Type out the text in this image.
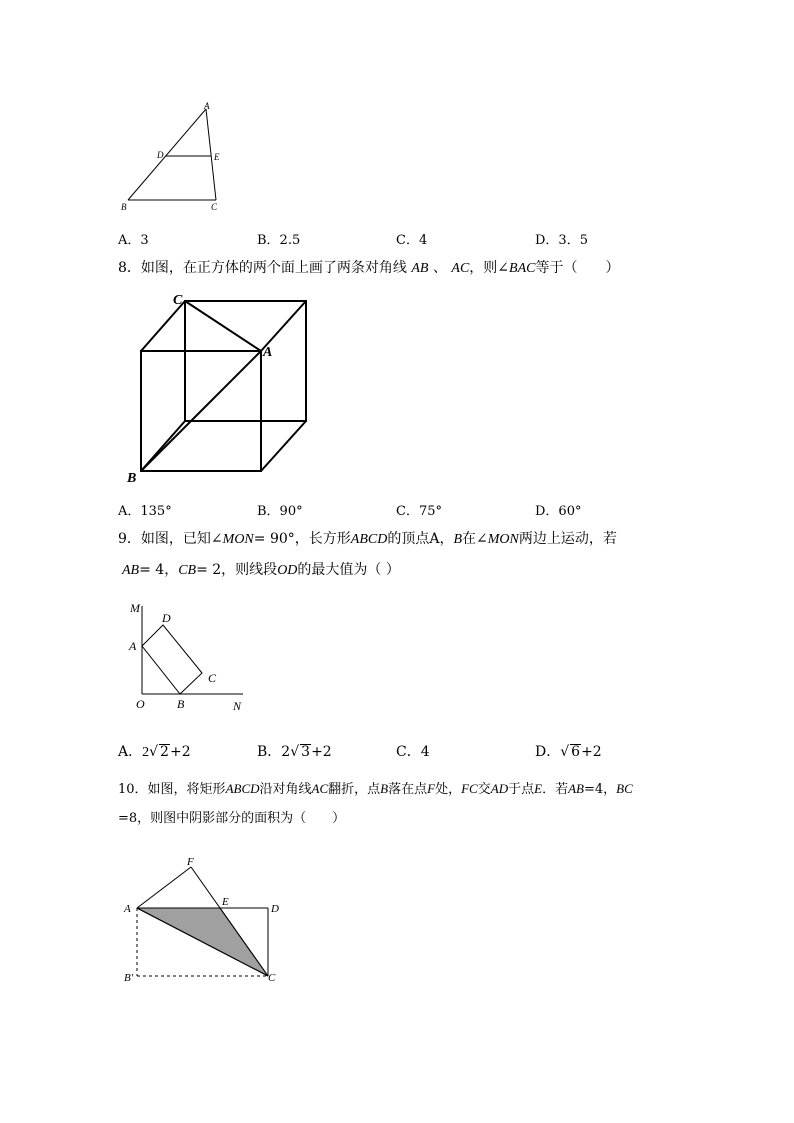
A
D	E
B	C
A．3	B．2.5	C．4	D．3．5
8．如图，在正方体的两个面上画了两条对角线 AB 、 AC，则∠BAC等于（　　）
C
A
B
A．135°	B．90°	C．75°	D．60°
9．如图，已知∠MON= 90°，长方形ABCD的顶点A，B在∠MON两边上运动，若
AB= 4，CB= 2，则线段OD的最大值为（ ）
M
D
A
C
O	B	N
A．2√ 2+2	B．2√ 3+2	C．4	D．√ 6+2
10．如图，将矩形ABCD沿对角线AC翻折，点B落在点F处，FC交AD于点E．若AB=4，BC
=8，则图中阴影部分的面积为（　　）
F
A
E
D
B'	C
